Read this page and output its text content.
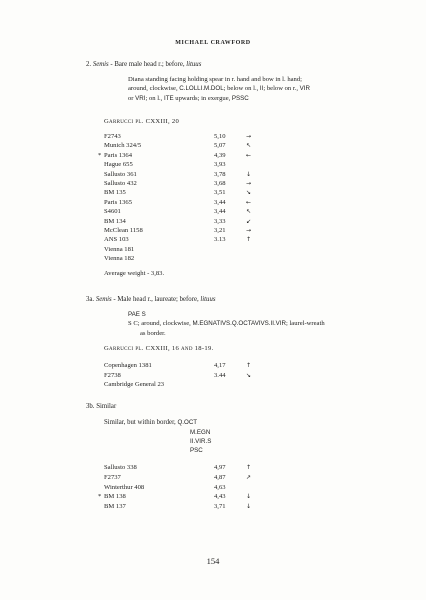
MICHAEL CRAWFORD
2. Semis - Bare male head r.; before, lituus
Diana standing facing holding spear in r. hand and bow in l. hand;
around, clockwise, C.LOLLI.M.DOL; below on l., II; below on r., VIR
or VRI; on l., ITE upwards; in exergue, PSSC
Garrucci pl. CXXIII, 20
F2743	5,10	→
Munich 324/5	5,07	↖
* Paris 1364	4,39	←
Hague 655	3,93
Sallusto 361	3,78	↓
Sallusto 432	3,68	→
BM 135	3,51	↘
Paris 1365	3,44	←
S4601	3,44	↖
BM 134	3,33	↙
McClean 1158	3,21	→
ANS 103	3.13	↑
Vienna 181
Vienna 182
Average weight - 3,83.
3a. Semis - Male head r., laureate; before, lituus
PAE S
S C; around, clockwise, M.EGNATIVS.Q.OCTAVIVS.II.VIR; laurel-wreath
as border.
Garrucci pl. CXXIII, 16 and 18-19.
Copenhagen 1381	4,17	↑
F2738	3.44	↘
Cambridge General 23
3b. Similar
Similar, but within border, Q.OCT
M.EGN
II.VIR.S
PSC
Sallusto 338	4,97	↑
F2737	4,87	↗
Winterthur 408	4,63
* BM 138	4,43	↓
BM 137	3,71	↓
154
